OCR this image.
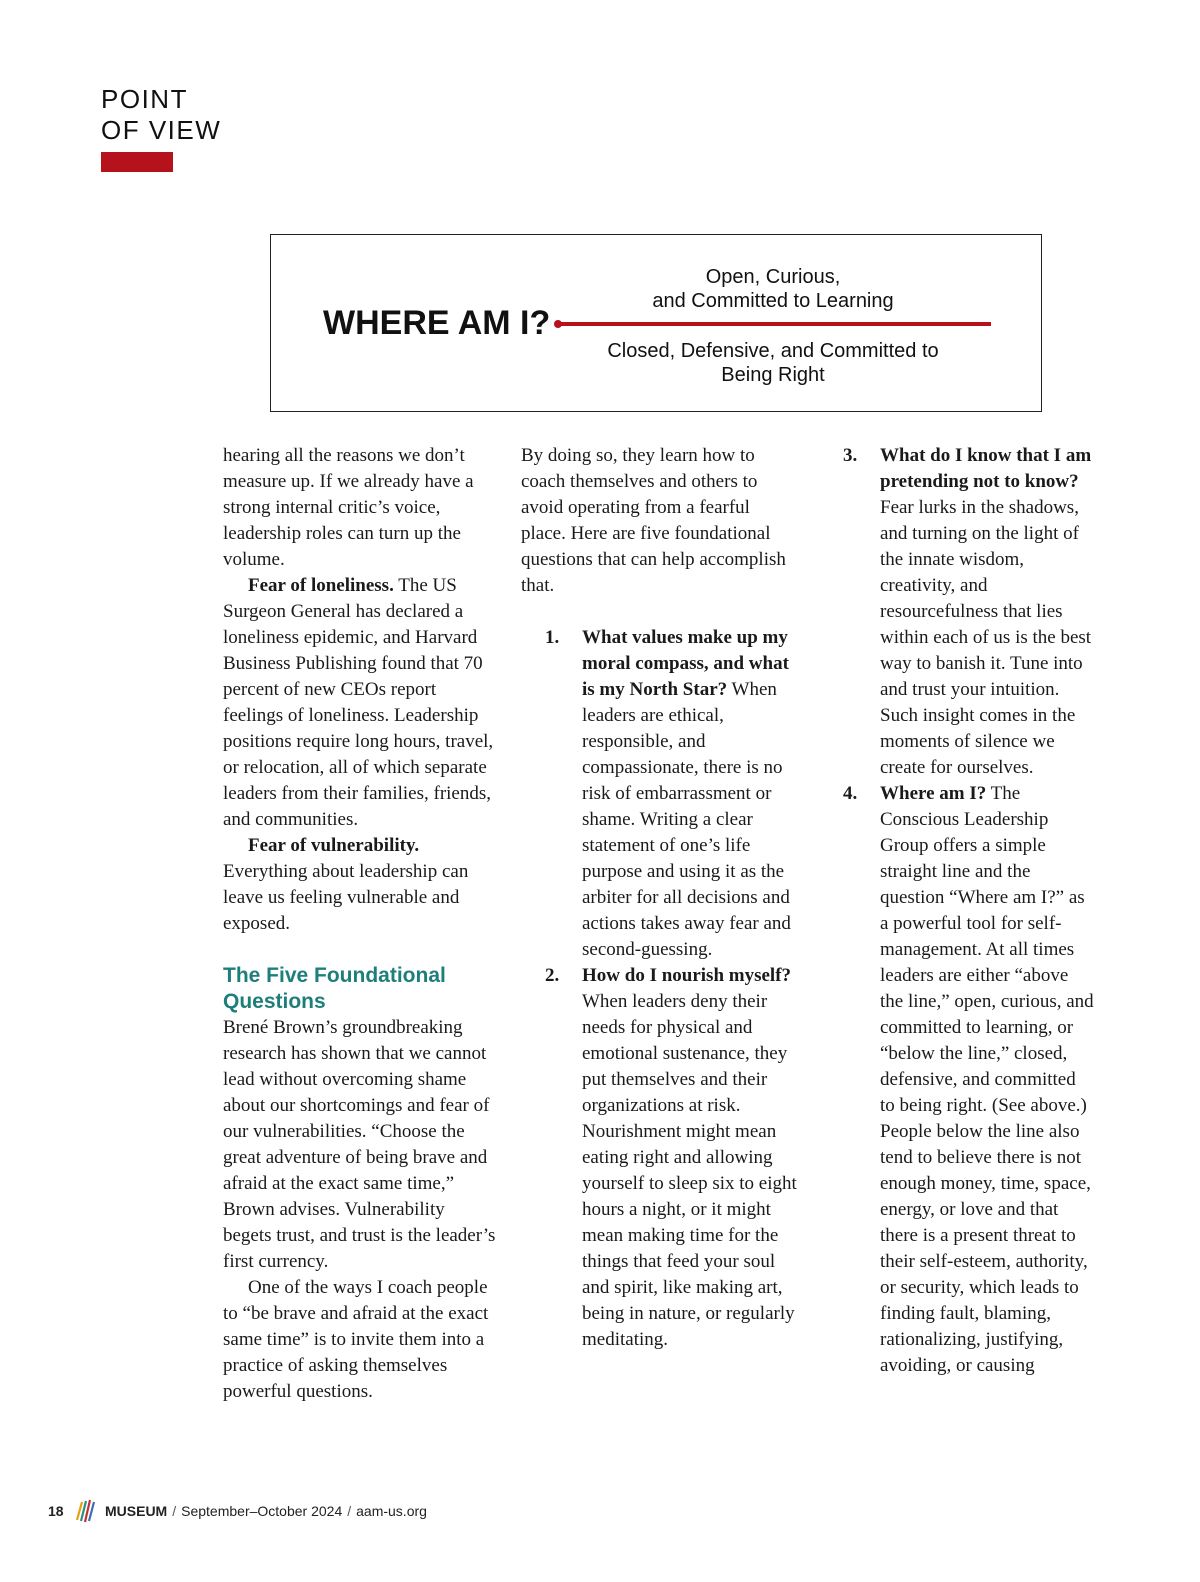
POINT
OF VIEW
WHERE AM I?
Open, Curious,
and Committed to Learning
Closed, Defensive, and Committed to
Being Right

hearing all the reasons we don’t measure up. If we already have a strong internal critic’s voice, leadership roles can turn up the volume.

Fear of loneliness. The US Surgeon General has declared a loneliness epidemic, and Harvard Business Publishing found that 70 percent of new CEOs report feelings of loneliness. Leadership positions require long hours, travel, or relocation, all of which separate leaders from their families, friends, and communities.

Fear of vulnerability. Everything about leadership can leave us feeling vulnerable and exposed.

The Five Foundational Questions

Brené Brown’s groundbreaking research has shown that we cannot lead without overcoming shame about our shortcomings and fear of our vulnerabilities. “Choose the great adventure of being brave and afraid at the exact same time,” Brown advises. Vulnerability begets trust, and trust is the leader’s first currency.

One of the ways I coach people to “be brave and afraid at the exact same time” is to invite them into a practice of asking themselves powerful questions.

By doing so, they learn how to coach themselves and others to avoid operating from a fearful place. Here are five foundational questions that can help accomplish that.

1. What values make up my moral compass, and what is my North Star? When leaders are ethical, responsible, and compassionate, there is no risk of embarrassment or shame. Writing a clear statement of one’s life purpose and using it as the arbiter for all decisions and actions takes away fear and second-guessing.
2. How do I nourish myself? When leaders deny their needs for physical and emotional sustenance, they put themselves and their organizations at risk. Nourishment might mean eating right and allowing yourself to sleep six to eight hours a night, or it might mean making time for the things that feed your soul and spirit, like making art, being in nature, or regularly meditating.
3. What do I know that I am pretending not to know? Fear lurks in the shadows, and turning on the light of the innate wisdom, creativity, and resourcefulness that lies within each of us is the best way to banish it. Tune into and trust your intuition. Such insight comes in the moments of silence we create for ourselves.
4. Where am I? The Conscious Leadership Group offers a simple straight line and the question “Where am I?” as a powerful tool for self-management. At all times leaders are either “above the line,” open, curious, and committed to learning, or “below the line,” closed, defensive, and committed to being right. (See above.) People below the line also tend to believe there is not enough money, time, space, energy, or love and that there is a present threat to their self-esteem, authority, or security, which leads to finding fault, blaming, rationalizing, justifying, avoiding, or causing
18	MUSEUM / September–October 2024 / aam-us.org
